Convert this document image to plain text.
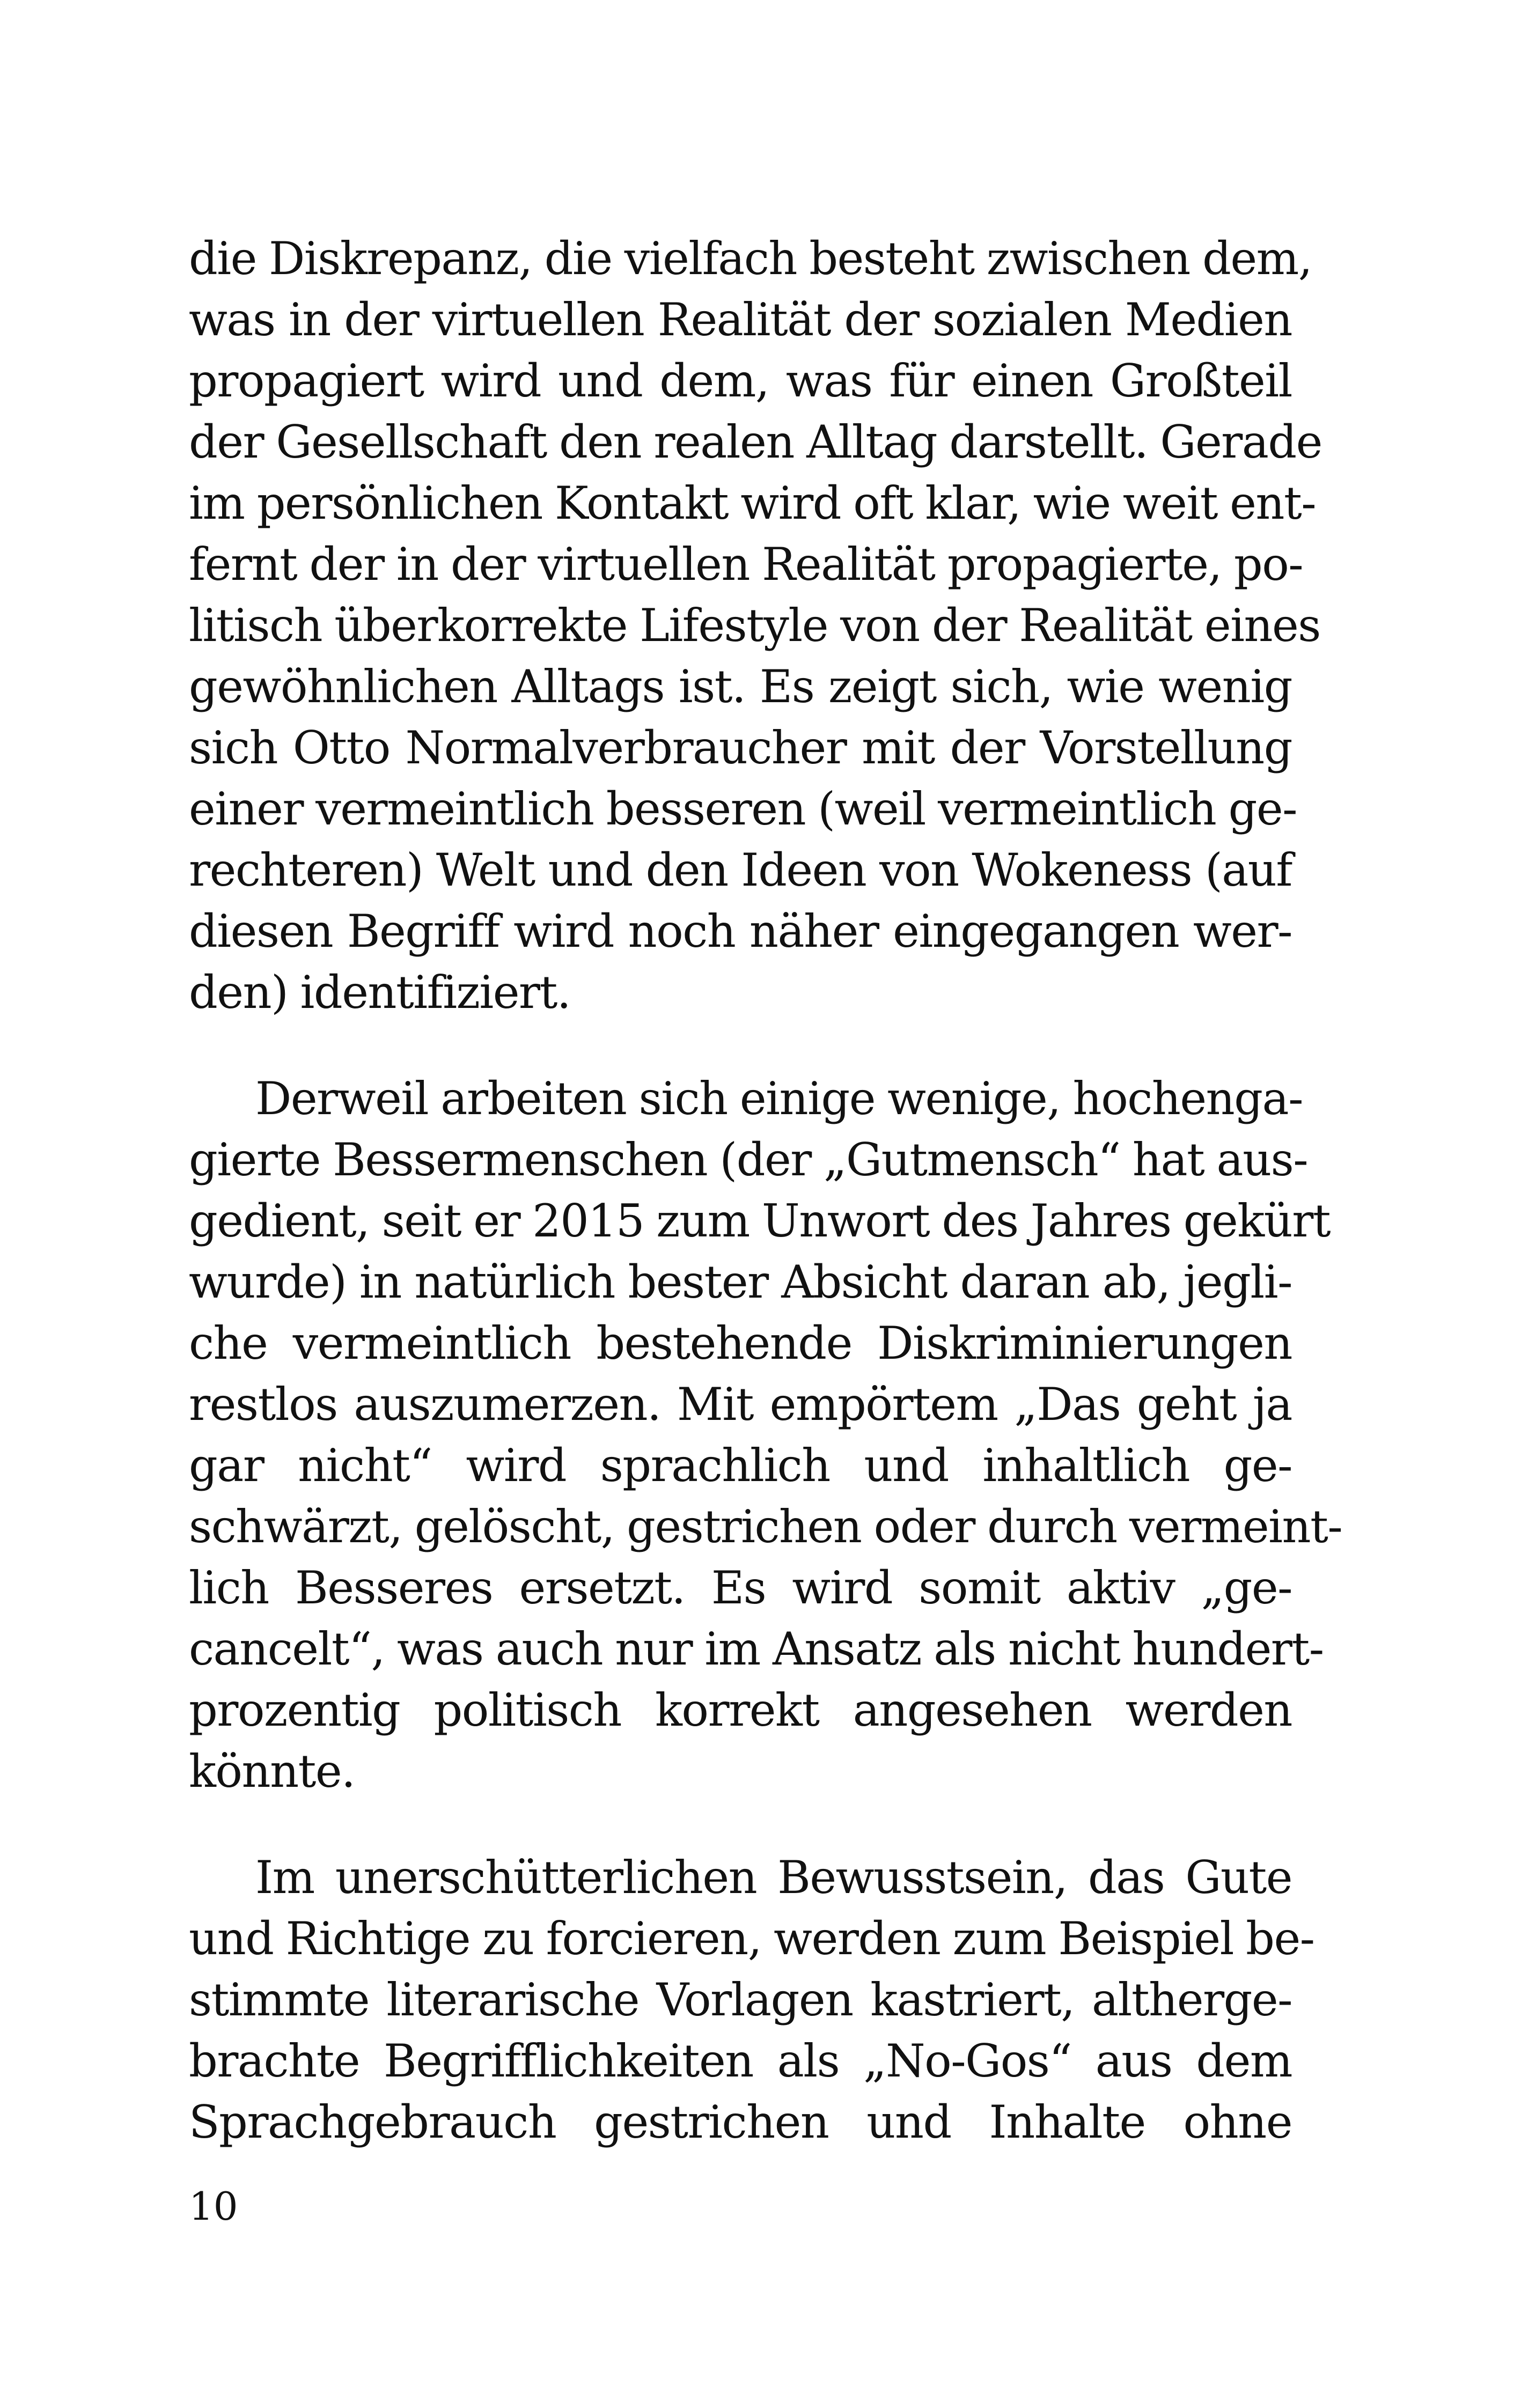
die Diskrepanz, die vielfach besteht zwischen dem,
was in der virtuellen Realität der sozialen Medien
propagiert wird und dem, was für einen Großteil
der Gesellschaft den realen Alltag darstellt. Gerade
im persönlichen Kontakt wird oft klar, wie weit ent-
fernt der in der virtuellen Realität propagierte, po-
litisch überkorrekte Lifestyle von der Realität eines
gewöhnlichen Alltags ist. Es zeigt sich, wie wenig
sich Otto Normalverbraucher mit der Vorstellung
einer vermeintlich besseren (weil vermeintlich ge-
rechteren) Welt und den Ideen von Wokeness (auf
diesen Begriff wird noch näher eingegangen wer-
den) identifiziert.

Derweil arbeiten sich einige wenige, hochenga-
gierte Bessermenschen (der „Gutmensch“ hat aus-
gedient, seit er 2015 zum Unwort des Jahres gekürt
wurde) in natürlich bester Absicht daran ab, jegli-
che vermeintlich bestehende Diskriminierungen
restlos auszumerzen. Mit empörtem „Das geht ja
gar nicht“ wird sprachlich und inhaltlich ge-
schwärzt, gelöscht, gestrichen oder durch vermeint-
lich Besseres ersetzt. Es wird somit aktiv „ge-
cancelt“, was auch nur im Ansatz als nicht hundert-
prozentig politisch korrekt angesehen werden
könnte.

Im unerschütterlichen Bewusstsein, das Gute
und Richtige zu forcieren, werden zum Beispiel be-
stimmte literarische Vorlagen kastriert, altherge-
brachte Begrifflichkeiten als „No-Gos“ aus dem
Sprachgebrauch gestrichen und Inhalte ohne

10
